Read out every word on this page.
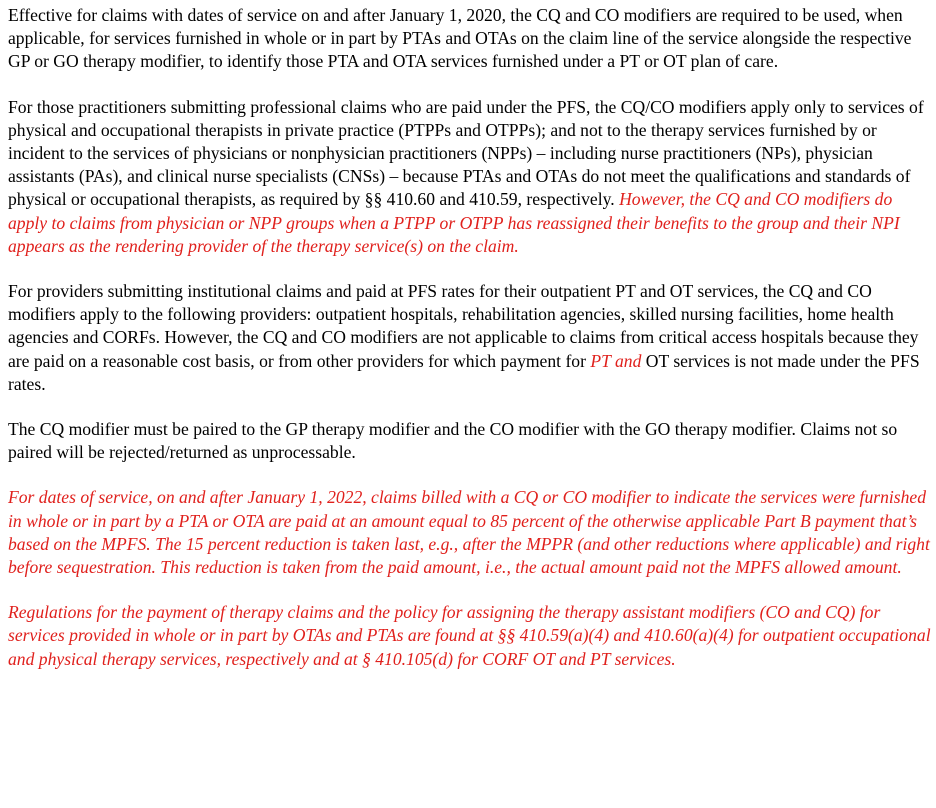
Effective for claims with dates of service on and after January 1, 2020, the CQ and CO modifiers are required to be used, when applicable, for services furnished in whole or in part by PTAs and OTAs on the claim line of the service alongside the respective GP or GO therapy modifier, to identify those PTA and OTA services furnished under a PT or OT plan of care.

For those practitioners submitting professional claims who are paid under the PFS, the CQ/CO modifiers apply only to services of physical and occupational therapists in private practice (PTPPs and OTPPs); and not to the therapy services furnished by or incident to the services of physicians or nonphysician practitioners (NPPs) – including nurse practitioners (NPs), physician assistants (PAs), and clinical nurse specialists (CNSs) – because PTAs and OTAs do not meet the qualifications and standards of physical or occupational therapists, as required by §§ 410.60 and 410.59, respectively. However, the CQ and CO modifiers do apply to claims from physician or NPP groups when a PTPP or OTPP has reassigned their benefits to the group and their NPI appears as the rendering provider of the therapy service(s) on the claim.

For providers submitting institutional claims and paid at PFS rates for their outpatient PT and OT services, the CQ and CO modifiers apply to the following providers: outpatient hospitals, rehabilitation agencies, skilled nursing facilities, home health agencies and CORFs. However, the CQ and CO modifiers are not applicable to claims from critical access hospitals because they are paid on a reasonable cost basis, or from other providers for which payment for PT and OT services is not made under the PFS rates.

The CQ modifier must be paired to the GP therapy modifier and the CO modifier with the GO therapy modifier. Claims not so paired will be rejected/returned as unprocessable.

For dates of service, on and after January 1, 2022, claims billed with a CQ or CO modifier to indicate the services were furnished in whole or in part by a PTA or OTA are paid at an amount equal to 85 percent of the otherwise applicable Part B payment that’s based on the MPFS. The 15 percent reduction is taken last, e.g., after the MPPR (and other reductions where applicable) and right before sequestration. This reduction is taken from the paid amount, i.e., the actual amount paid not the MPFS allowed amount.

Regulations for the payment of therapy claims and the policy for assigning the therapy assistant modifiers (CO and CQ) for services provided in whole or in part by OTAs and PTAs are found at §§ 410.59(a)(4) and 410.60(a)(4) for outpatient occupational and physical therapy services, respectively and at § 410.105(d) for CORF OT and PT services.
